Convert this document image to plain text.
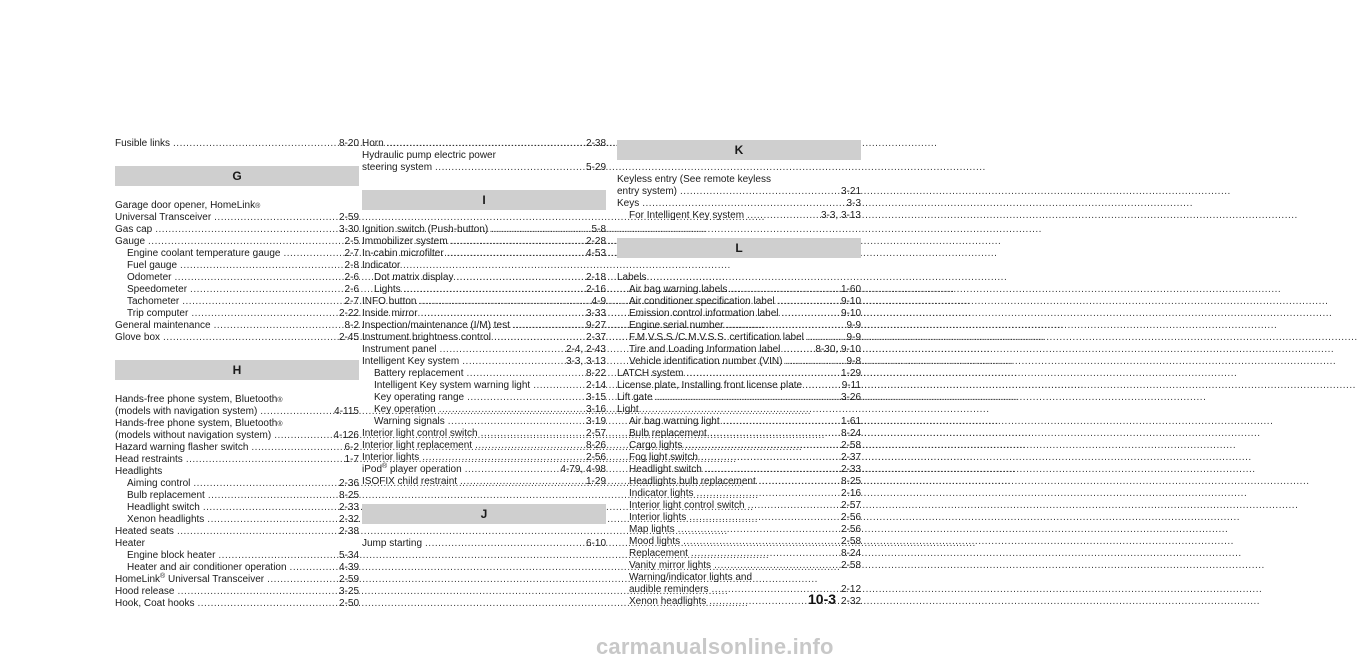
Fusible links .....	8-20
G
Garage door opener, HomeLink ®
Universal Transceiver .....	2-59
Gas cap .....	3-30
Gauge .....	2-5
Engine coolant temperature gauge .....	2-7
Fuel gauge .....	2-8
Odometer .....	2-6
Speedometer .....	2-6
Tachometer .....	2-7
Trip computer .....	2-22
General maintenance .....	8-2
Glove box .....	2-45
H
Hands-free phone system, Bluetooth ®
(models with navigation system) .....	4-115
Hands-free phone system, Bluetooth ®
(models without navigation system) .....	4-126
Hazard warning flasher switch .....	6-2
Head restraints .....	1-7
Headlights
Aiming control .....	2-36
Bulb replacement .....	8-25
Headlight switch .....	2-33
Xenon headlights .....	2-32
Heated seats .....	2-38
Heater
Engine block heater .....	5-34
Heater and air conditioner operation .....	4-39
HomeLink® Universal Transceiver .....	2-59
Hood release .....	3-25
Hook, Coat hooks .....	2-50
Horn .....	2-38
Hydraulic pump electric power
steering system .....	5-29
I
Ignition switch (Push-button) .....	5-8
Immobilizer system .....	2-28
In-cabin microfilter .....	4-53
Indicator
Dot matrix display .....	2-18
Lights .....	2-16
INFO button .....	4-9
Inside mirror .....	3-33
Inspection/maintenance (I/M) test .....	9-27
Instrument brightness control .....	2-37
Instrument panel .....	2-4, 2-43
Intelligent Key system .....	3-3, 3-13
Battery replacement .....	8-22
Intelligent Key system warning light .....	2-14
Key operating range .....	3-15
Key operation .....	3-16
Warning signals .....	3-19
Interior light control switch .....	2-57
Interior light replacement .....	8-26
Interior lights .....	2-56
iPod® player operation .....	4-79, 4-98
ISOFIX child restraint .....	1-29
J
Jump starting .....	6-10
K
Keyless entry (See remote keyless
entry system) .....	3-21
Keys .....	3-3
For Intelligent Key system .....	3-3, 3-13
L
Labels
Air bag warning labels .....	1-60
Air conditioner specification label .....	9-10
Emission control information label .....	9-10
Engine serial number .....	9-9
F.M.V.S.S./C.M.V.S.S. certification label .....	9-9
Tire and Loading Information label .....	8-30, 9-10
Vehicle identification number (VIN) .....	9-8
LATCH system .....	1-29
License plate, Installing front license plate .....	9-11
Lift gate .....	3-26
Light
Air bag warning light .....	1-61
Bulb replacement .....	8-24
Cargo lights .....	2-58
Fog light switch .....	2-37
Headlight switch .....	2-33
Headlights bulb replacement .....	8-25
Indicator lights .....	2-16
Interior light control switch .....	2-57
Interior lights .....	2-56
Map lights .....	2-56
Mood lights .....	2-58
Replacement .....	8-24
Vanity mirror lights .....	2-58
Warning/indicator lights and
audible reminders .....	2-12
Xenon headlights .....	2-32
10-3
carmanualsonline.info
